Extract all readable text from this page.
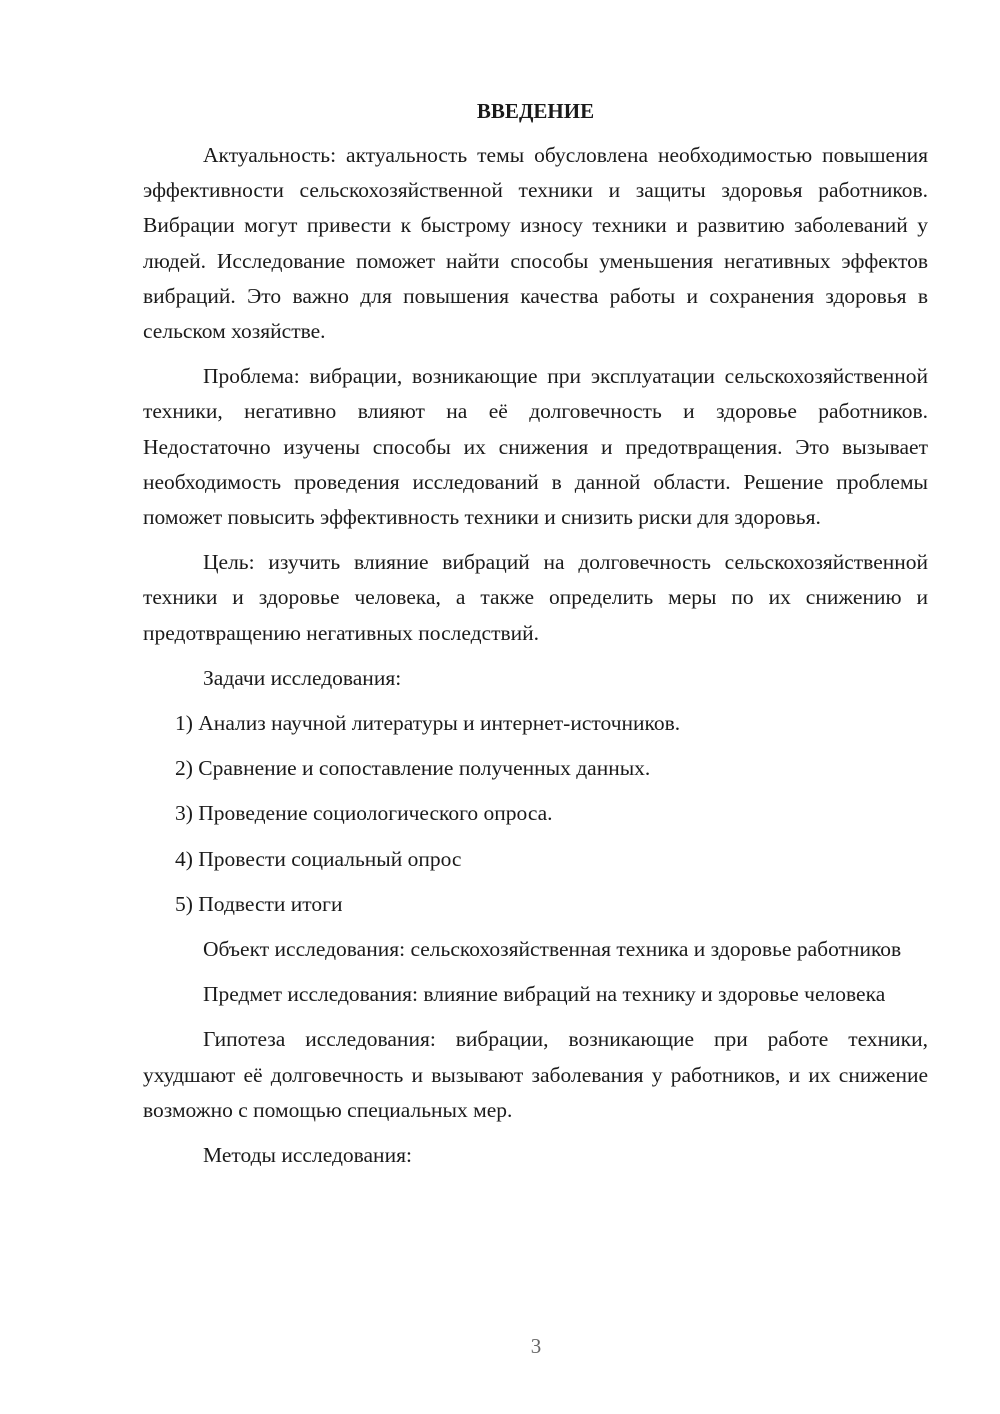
ВВЕДЕНИЕ

Актуальность: актуальность темы обусловлена необходимостью повышения эффективности сельскохозяйственной техники и защиты здоровья работников. Вибрации могут привести к быстрому износу техники и развитию заболеваний у людей. Исследование поможет найти способы уменьшения негативных эффектов вибраций. Это важно для повышения качества работы и сохранения здоровья в сельском хозяйстве.

Проблема: вибрации, возникающие при эксплуатации сельскохозяйственной техники, негативно влияют на её долговечность и здоровье работников. Недостаточно изучены способы их снижения и предотвращения. Это вызывает необходимость проведения исследований в данной области. Решение проблемы поможет повысить эффективность техники и снизить риски для здоровья.

Цель: изучить влияние вибраций на долговечность сельскохозяйственной техники и здоровье человека, а также определить меры по их снижению и предотвращению негативных последствий.

Задачи исследования:

1) Анализ научной литературы и интернет-источников.

2) Сравнение и сопоставление полученных данных.

3) Проведение социологического опроса.

4) Провести социальный опрос

5) Подвести итоги

Объект исследования: сельскохозяйственная техника и здоровье работников

Предмет исследования: влияние вибраций на технику и здоровье человека

Гипотеза исследования: вибрации, возникающие при работе техники, ухудшают её долговечность и вызывают заболевания у работников, и их снижение возможно с помощью специальных мер.

Методы исследования:

3
